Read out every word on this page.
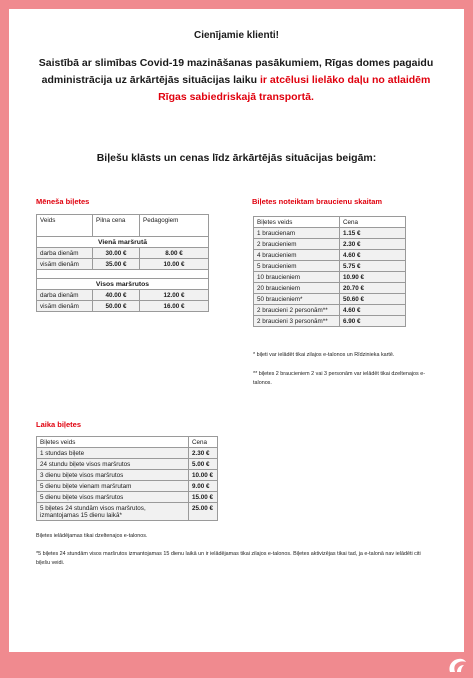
Cienījamie klienti!
Saistībā ar slimības Covid-19 mazināšanas pasākumiem, Rīgas domes pagaidu administrācija uz ārkārtējās situācijas laiku ir atcēlusi lielāko daļu no atlaidēm Rīgas sabiedriskajā transportā.
Biļešu klāsts un cenas līdz ārkārtējās situācijas beigām:
Mēneša biļetes
Veids	Pilna cena	Pedagogiem
Vienā maršrutā		
darba dienām	30.00 €	8.00 €
visām dienām	35.00 €	10.00 €

Visos maršrutos		
darba dienām	40.00 €	12.00 €
visām dienām	50.00 €	16.00 €
Biļetes noteiktam braucienu skaitam
Biļetes veids	Cena
1 braucienam	1.15 €
2 braucieniem	2.30 €
4 braucieniem	4.60 €
5 braucieniem	5.75 €
10 braucieniem	10.90 €
20 braucieniem	20.70 €
50 braucieniem*	50.60 €
2 braucieni 2 personām**	4.60 €
2 braucieni 3 personām**	6.90 €
* biļeti var ielādēt tikai zilajos e-talonos un Rīdzinieka kartē.
** biļetes 2 braucieniem 2 vai 3 personām var ielādēt tikai dzeltenajos e-talonos.
Laika biļetes
Biļetes veids	Cena
1 stundas biļete	2.30 €
24 stundu biļete visos maršrutos	5.00 €
3 dienu biļete visos maršrutos	10.00 €
5 dienu biļete vienam maršrutam	9.00 €
5 dienu biļete visos maršrutos	15.00 €
5 biļetes 24 stundām visos maršrutos, izmantojamas 15 dienu laikā*	25.00 €
Biļetes ielādējamas tikai dzeltenajos e-talonos.
*5 biļetes 24 stundām visos maršrutos izmantojamas 15 dienu laikā un ir ielādējamas tikai zilajos e-talonos. Biļetes aktivizējas tikai tad, ja e-talonā nav ielādēti citi biļešu veidi.
